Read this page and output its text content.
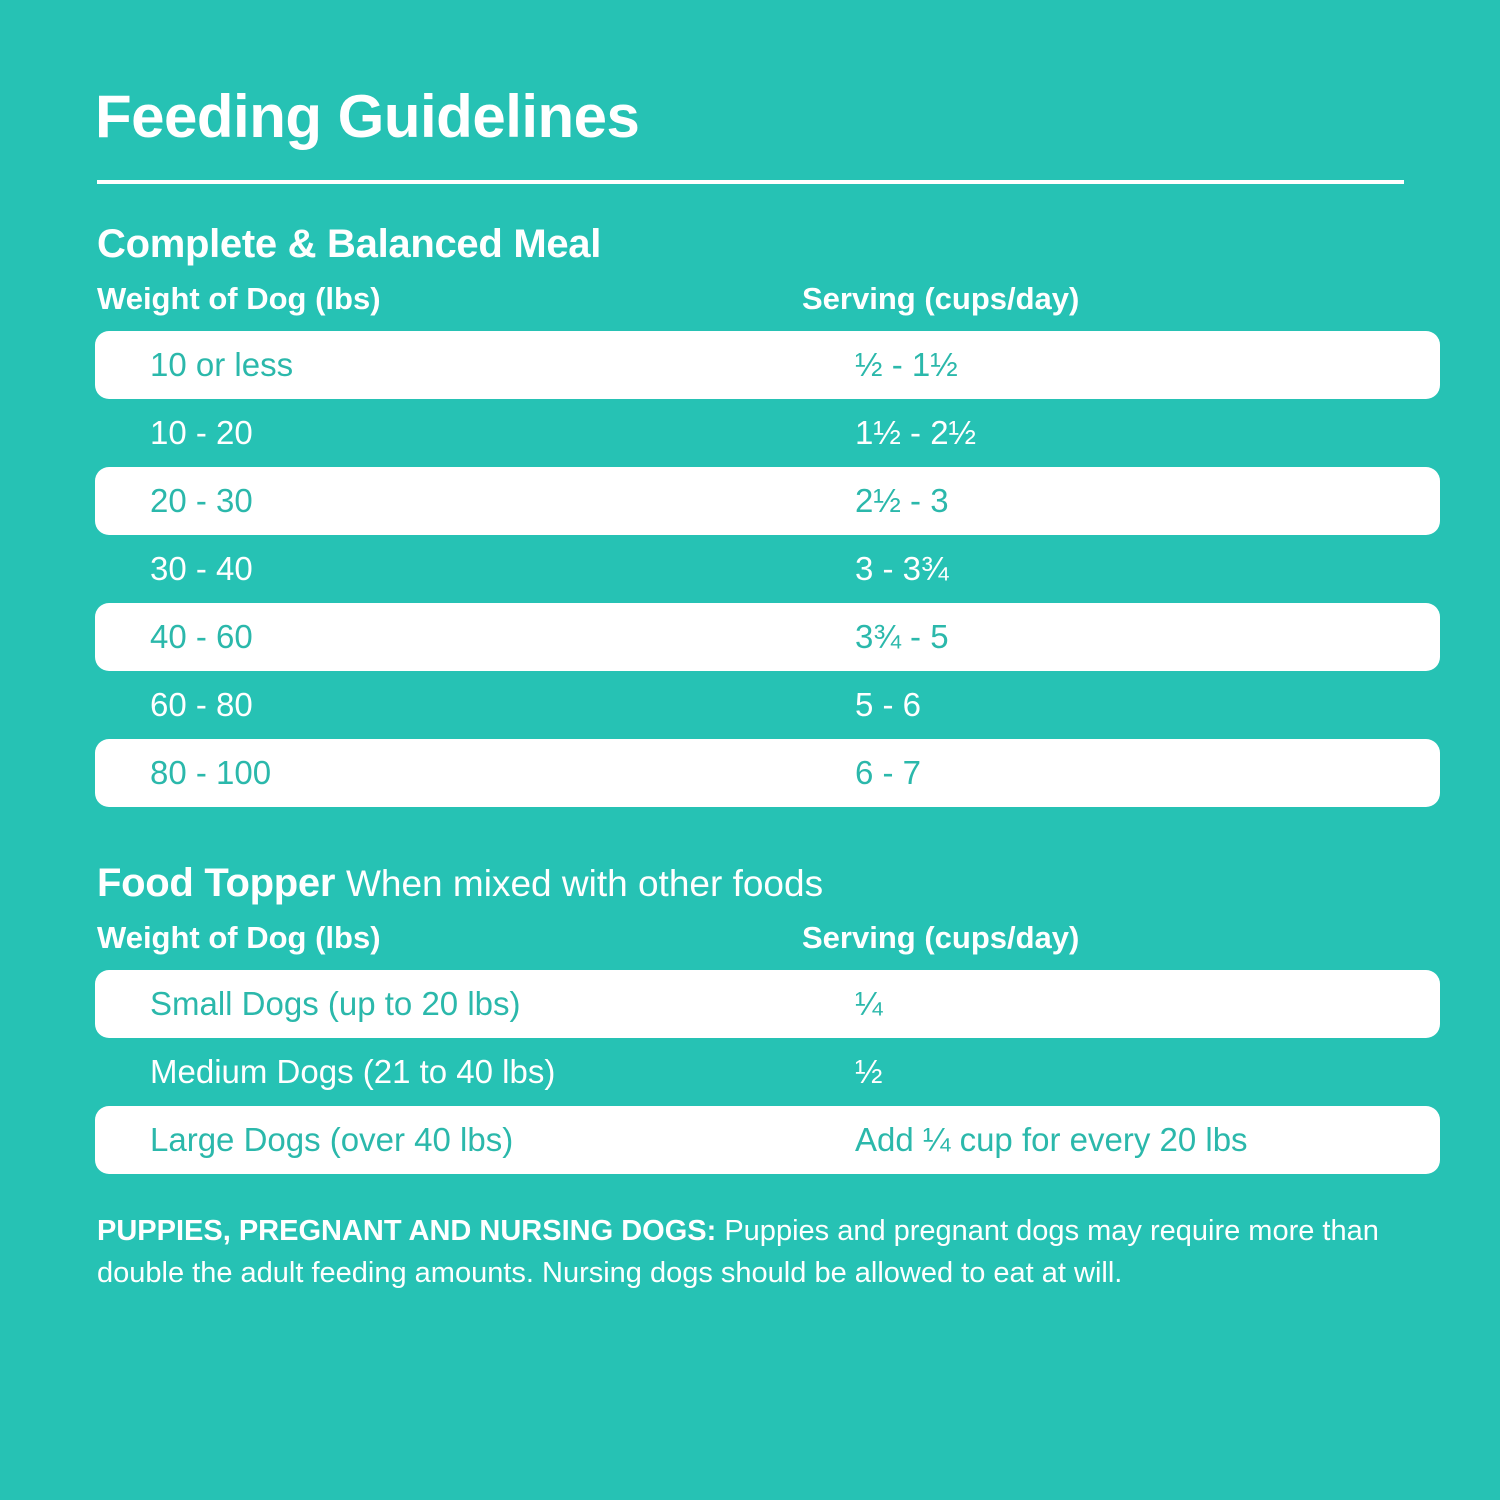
Feeding Guidelines
Complete & Balanced Meal
Weight of Dog (lbs)	Serving (cups/day)
10 or less	½ - 1½
10 - 20	1½ - 2½
20 - 30	2½ - 3
30 - 40	3 - 3¾
40 - 60	3¾ - 5
60 - 80	5 - 6
80 - 100	6 - 7
Food Topper When mixed with other foods
Weight of Dog (lbs)	Serving (cups/day)
Small Dogs (up to 20 lbs)	¼
Medium Dogs (21 to 40 lbs)	½
Large Dogs (over 40 lbs)	Add ¼ cup for every 20 lbs
PUPPIES, PREGNANT AND NURSING DOGS: Puppies and pregnant dogs may require more than double the adult feeding amounts. Nursing dogs should be allowed to eat at will.
